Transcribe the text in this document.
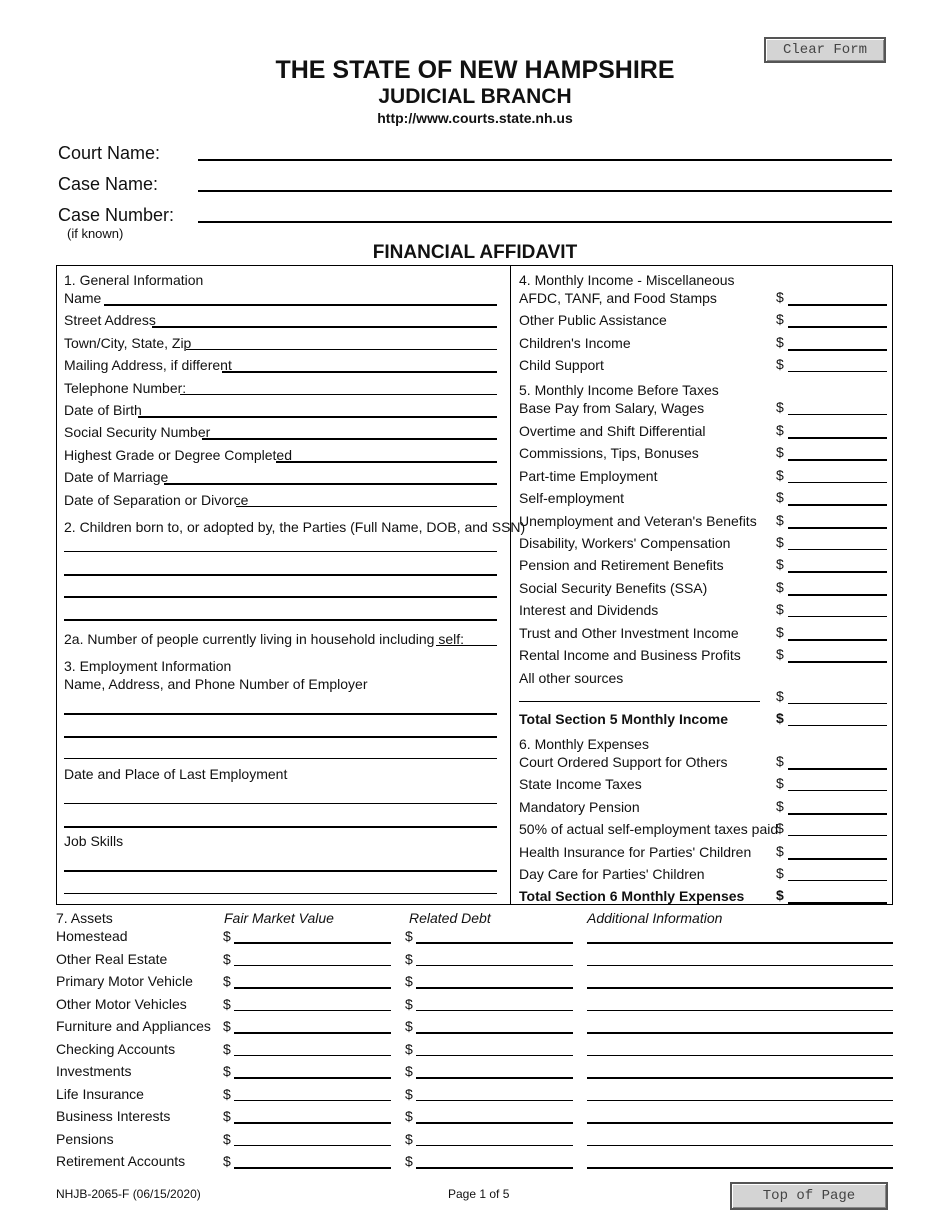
Clear Form
THE STATE OF NEW HAMPSHIRE
JUDICIAL BRANCH
http://www.courts.state.nh.us
Court Name:
Case Name:
Case Number:
(if known)
FINANCIAL AFFIDAVIT
1. General Information
Name
Street Address
Town/City, State, Zip
Mailing Address, if different
Telephone Number:
Date of Birth
Social Security Number
Highest Grade or Degree Completed
Date of Marriage
Date of Separation or Divorce
2. Children born to, or adopted by, the Parties (Full Name, DOB, and SSN)
2a. Number of people currently living in household including self:
3. Employment Information
Name, Address, and Phone Number of Employer
Date and Place of Last Employment
Job Skills
4. Monthly Income - Miscellaneous
AFDC, TANF, and Food Stamps	$
Other Public Assistance	$
Children's Income	$
Child Support	$
5. Monthly Income Before Taxes
Base Pay from Salary, Wages	$
Overtime and Shift Differential	$
Commissions, Tips, Bonuses	$
Part-time Employment	$
Self-employment	$
Unemployment and Veteran's Benefits $
Disability, Workers' Compensation	$
Pension and Retirement Benefits	$
Social Security Benefits (SSA)	$
Interest and Dividends	$
Trust and Other Investment Income	$
Rental Income and Business Profits	$
All other sources
$
Total Section 5 Monthly Income	$
6. Monthly Expenses
Court Ordered Support for Others	$
State Income Taxes	$
Mandatory Pension	$
50% of actual self-employment taxes paid
$
Health Insurance for Parties' Children $
Day Care for Parties' Children	$
Total Section 6 Monthly Expenses $
7. Assets	Fair Market Value	Related Debt	Additional Information
Homestead	$	$
Other Real Estate	$	$
Primary Motor Vehicle $	$
Other Motor Vehicles	$	$
Furniture and Appliances $	$
Checking Accounts	$	$
Investments	$	$
Life Insurance	$	$
Business Interests	$	$
Pensions	$	$
Retirement Accounts	$	$
NHJB-2065-F (06/15/2020)	Page 1 of 5	Top of Page
